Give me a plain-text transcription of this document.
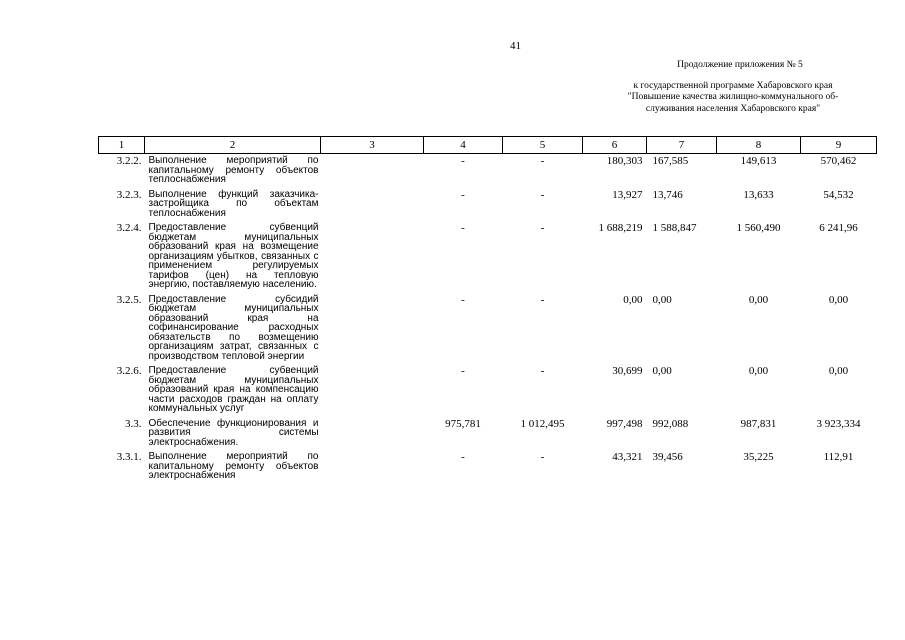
41
Продолжение приложения № 5
к государственной программе Хабаровского края
"Повышение качества жилищно-коммунального об-
служивания населения Хабаровского края"
1	2	3	4	5	6	7	8	9
3.2.2.	Выполнение мероприятий по капитальному ремонту объектов теплоснабжения		-	-	180,303	167,585	149,613	570,462
3.2.3.	Выполнение функций заказчика-застройщика по объектам теплоснабжения		-	-	13,927	13,746	13,633	54,532
3.2.4.	Предоставление субвенций бюджетам муниципальных образований края на возмещение организациям убытков, связанных с применением регулируемых тарифов (цен) на тепловую энергию, поставляемую населению.		-	-	1 688,219	1 588,847	1 560,490	6 241,96
3.2.5.	Предоставление субсидий бюджетам муниципальных образований края на софинансирование расходных обязательств по возмещению организациям затрат, связанных с производством тепловой энергии		-	-	0,00	0,00	0,00	0,00
3.2.6.	Предоставление субвенций бюджетам муниципальных образований края на компенсацию части расходов граждан на оплату коммунальных услуг		-	-	30,699	0,00	0,00	0,00
3.3.	Обеспечение функционирования и развития системы электроснабжения.		975,781	1 012,495	997,498	992,088	987,831	3 923,334
3.3.1.	Выполнение мероприятий по капитальному ремонту объектов электроснабжения		-	-	43,321	39,456	35,225	112,91
